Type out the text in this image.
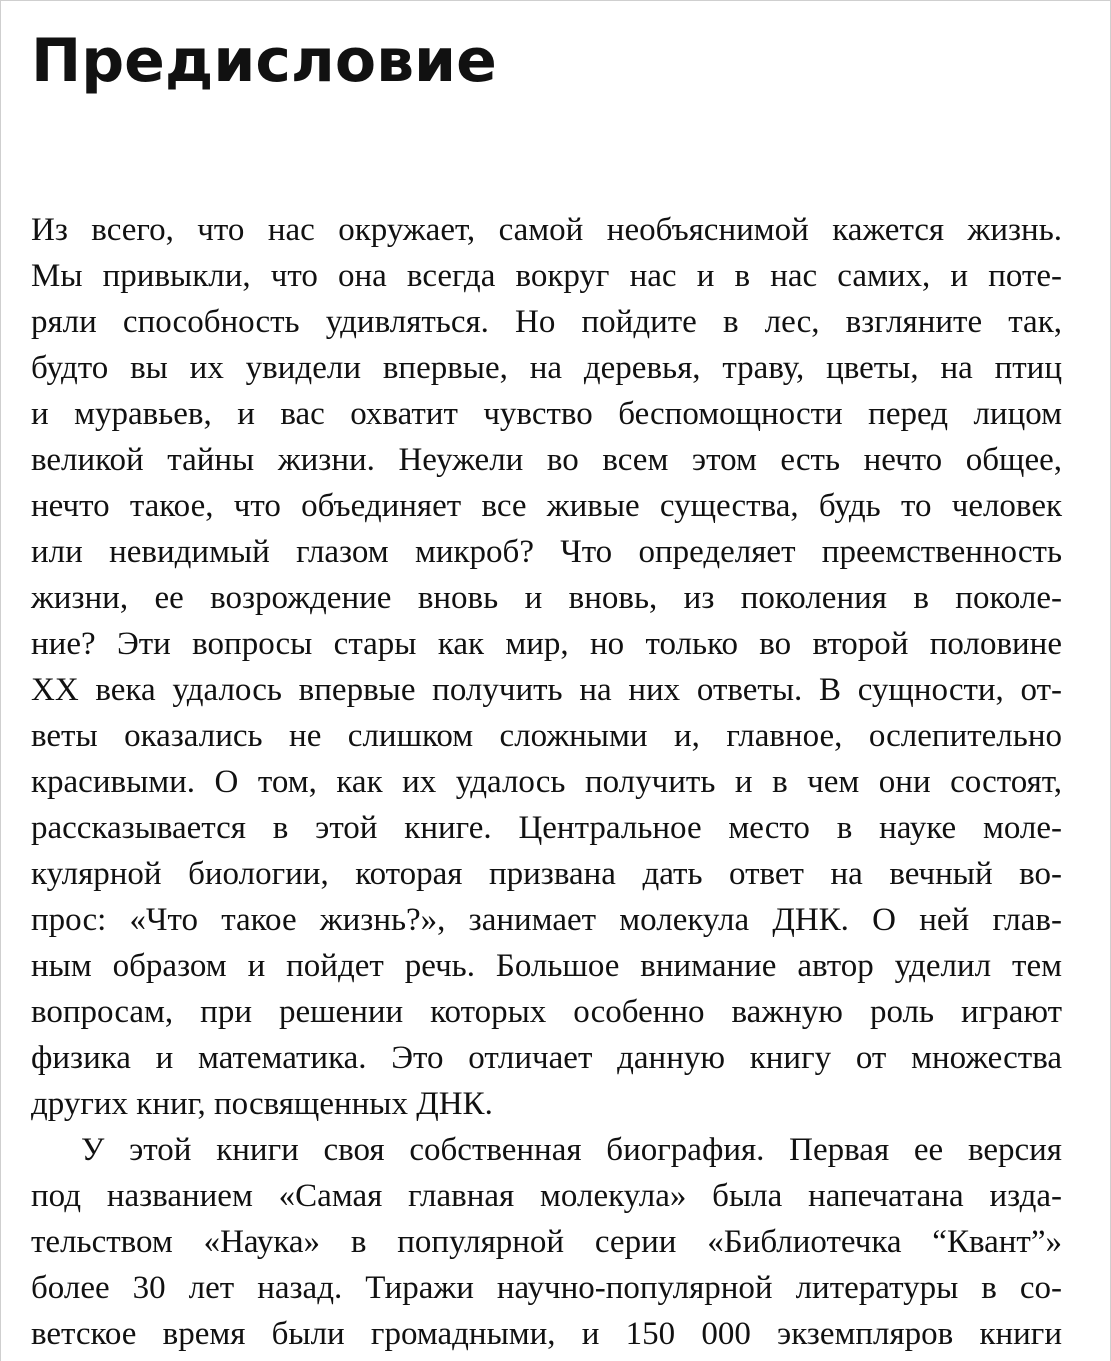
Предисловие
Из всего, что нас окружает, самой необъяснимой кажется жизнь.
Мы привыкли, что она всегда вокруг нас и в нас самих, и поте-
ряли способность удивляться. Но пойдите в лес, взгляните так,
будто вы их увидели впервые, на деревья, траву, цветы, на птиц
и муравьев, и вас охватит чувство беспомощности перед лицом
великой тайны жизни. Неужели во всем этом есть нечто общее,
нечто такое, что объединяет все живые существа, будь то человек
или невидимый глазом микроб? Что определяет преемственность
жизни, ее возрождение вновь и вновь, из поколения в поколе-
ние? Эти вопросы стары как мир, но только во второй половине
XX века удалось впервые получить на них ответы. В сущности, от-
веты оказались не слишком сложными и, главное, ослепительно
красивыми. О том, как их удалось получить и в чем они состоят,
рассказывается в этой книге. Центральное место в науке моле-
кулярной биологии, которая призвана дать ответ на вечный во-
прос: «Что такое жизнь?», занимает молекула ДНК. О ней глав-
ным образом и пойдет речь. Большое внимание автор уделил тем
вопросам, при решении которых особенно важную роль играют
физика и математика. Это отличает данную книгу от множества
других книг, посвященных ДНК.
У этой книги своя собственная биография. Первая ее версия
под названием «Самая главная молекула» была напечатана изда-
тельством «Наука» в популярной серии «Библиотечка “Квант”»
более 30 лет назад. Тиражи научно-популярной литературы в со-
ветское время были громадными, и 150 000 экземпляров книги
